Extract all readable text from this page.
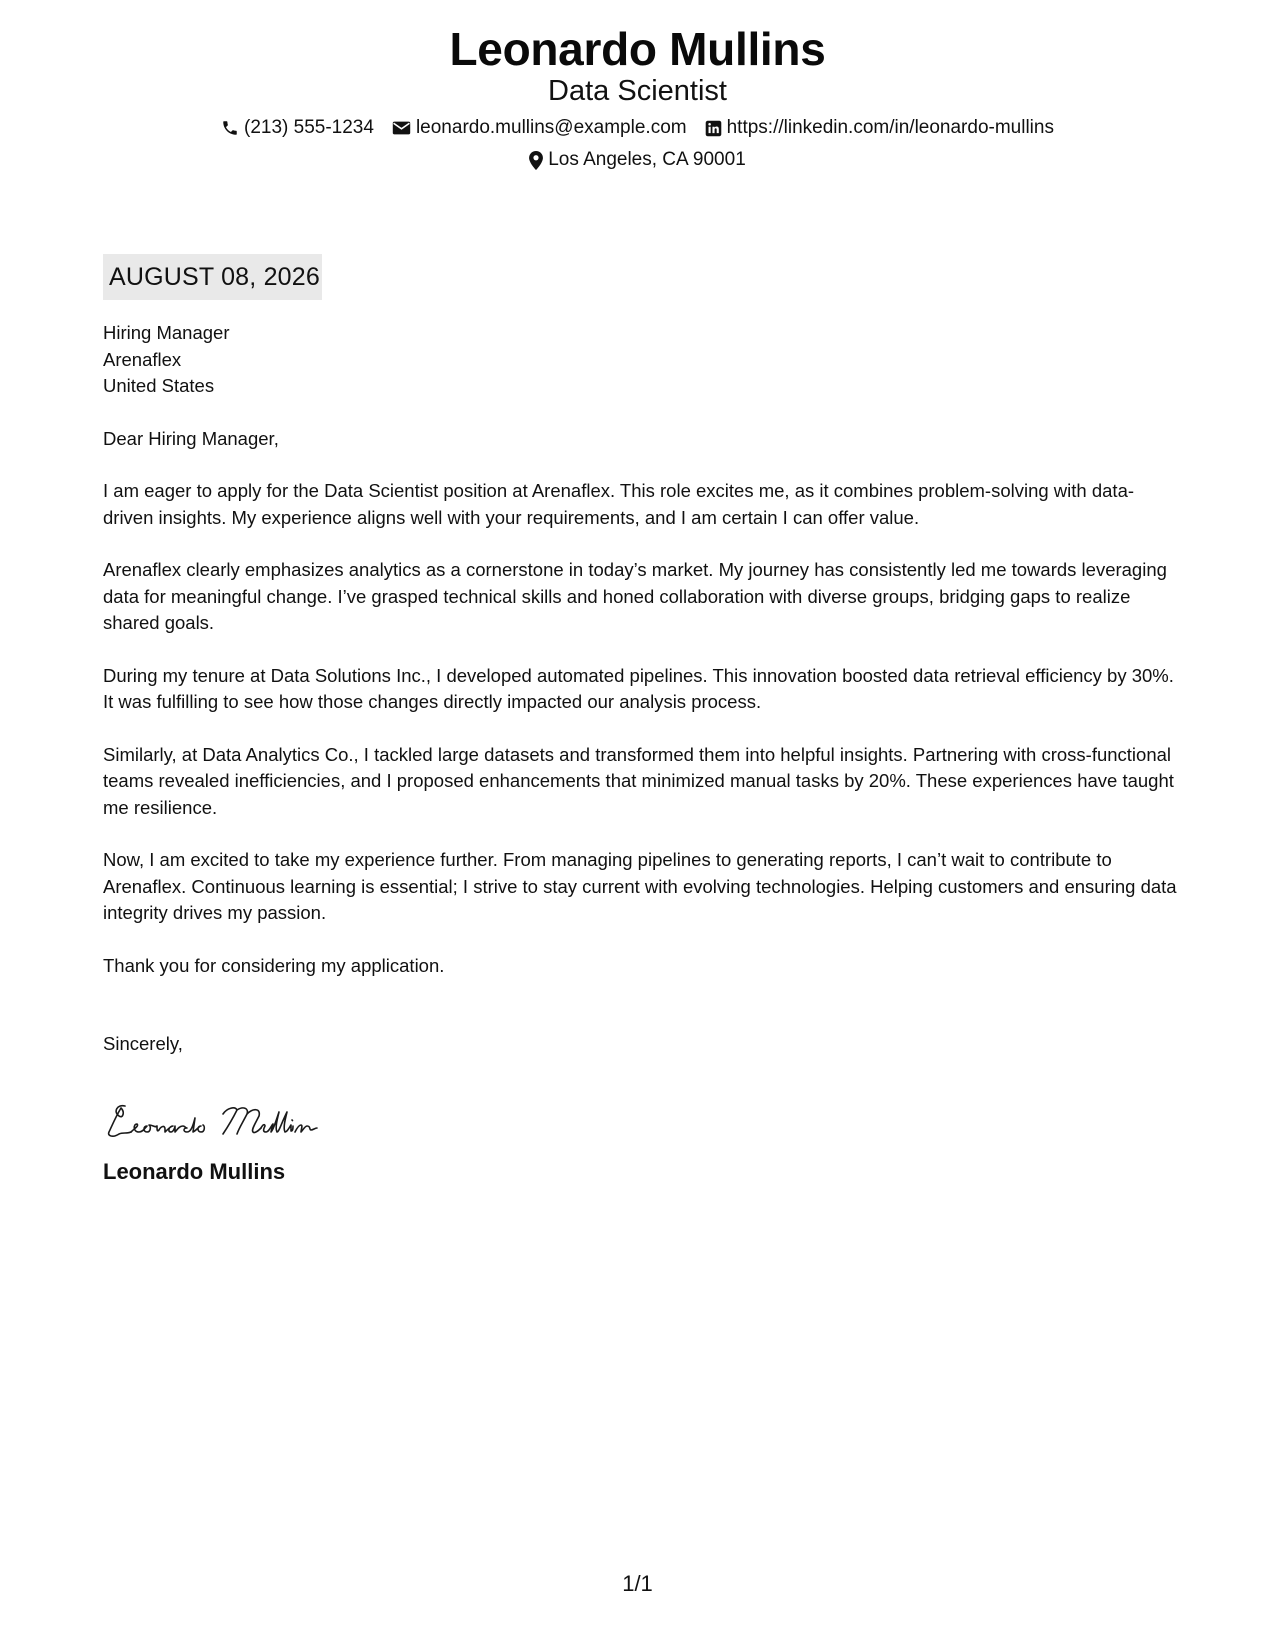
Leonardo Mullins
Data Scientist
(213) 555-1234 leonardo.mullins@example.com https://linkedin.com/in/leonardo-mullins
Los Angeles, CA 90001
AUGUST 08, 2026
Hiring Manager
Arenaflex
United States
Dear Hiring Manager,
I am eager to apply for the Data Scientist position at Arenaflex. This role excites me, as it combines problem-solving with data-driven insights. My experience aligns well with your requirements, and I am certain I can offer value.
Arenaflex clearly emphasizes analytics as a cornerstone in today’s market. My journey has consistently led me towards leveraging data for meaningful change. I’ve grasped technical skills and honed collaboration with diverse groups, bridging gaps to realize shared goals.
During my tenure at Data Solutions Inc., I developed automated pipelines. This innovation boosted data retrieval efficiency by 30%. It was fulfilling to see how those changes directly impacted our analysis process.
Similarly, at Data Analytics Co., I tackled large datasets and transformed them into helpful insights. Partnering with cross-functional teams revealed inefficiencies, and I proposed enhancements that minimized manual tasks by 20%. These experiences have taught me resilience.
Now, I am excited to take my experience further. From managing pipelines to generating reports, I can’t wait to contribute to Arenaflex. Continuous learning is essential; I strive to stay current with evolving technologies. Helping customers and ensuring data integrity drives my passion.
Thank you for considering my application.
Sincerely,
Leonardo Mullins
1/1
